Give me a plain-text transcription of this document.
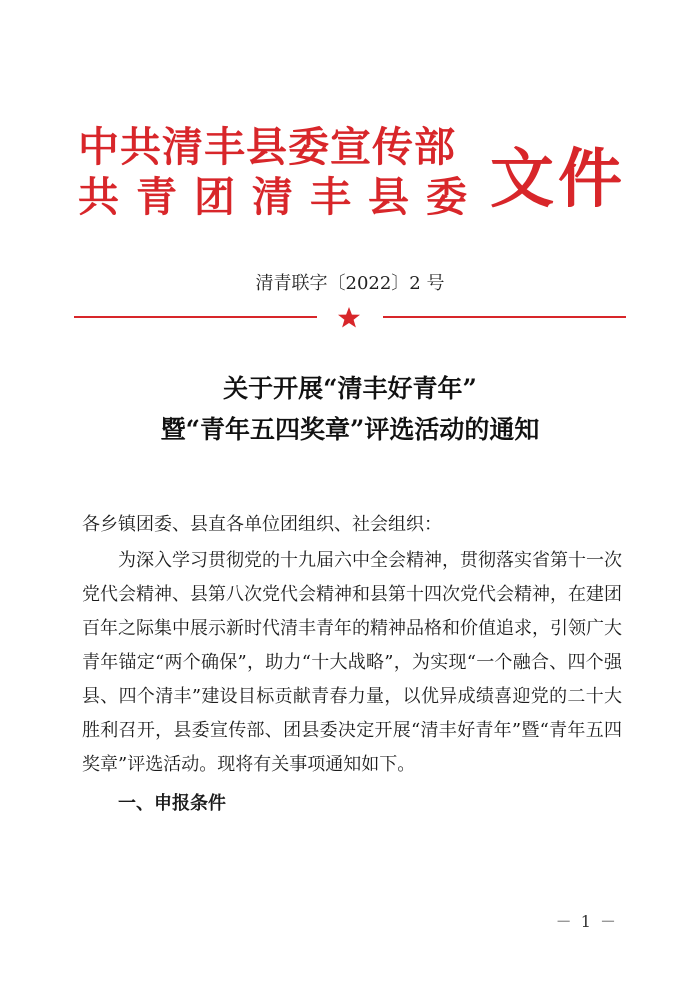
中共清丰县委宣传部
共青团清丰县委 文件
清青联字〔2022〕2 号
关于开展“清丰好青年”
暨“青年五四奖章”评选活动的通知
各乡镇团委、县直各单位团组织、社会组织：
为深入学习贯彻党的十九届六中全会精神，贯彻落实省第十一次党代会精神、县第八次党代会精神和县第十四次党代会精神，在建团百年之际集中展示新时代清丰青年的精神品格和价值追求，引领广大青年锚定“两个确保”，助力“十大战略”，为实现“一个融合、四个强县、四个清丰”建设目标贡献青春力量，以优异成绩喜迎党的二十大胜利召开，县委宣传部、团县委决定开展“清丰好青年”暨“青年五四奖章”评选活动。现将有关事项通知如下。
一、申报条件
－ 1 －
